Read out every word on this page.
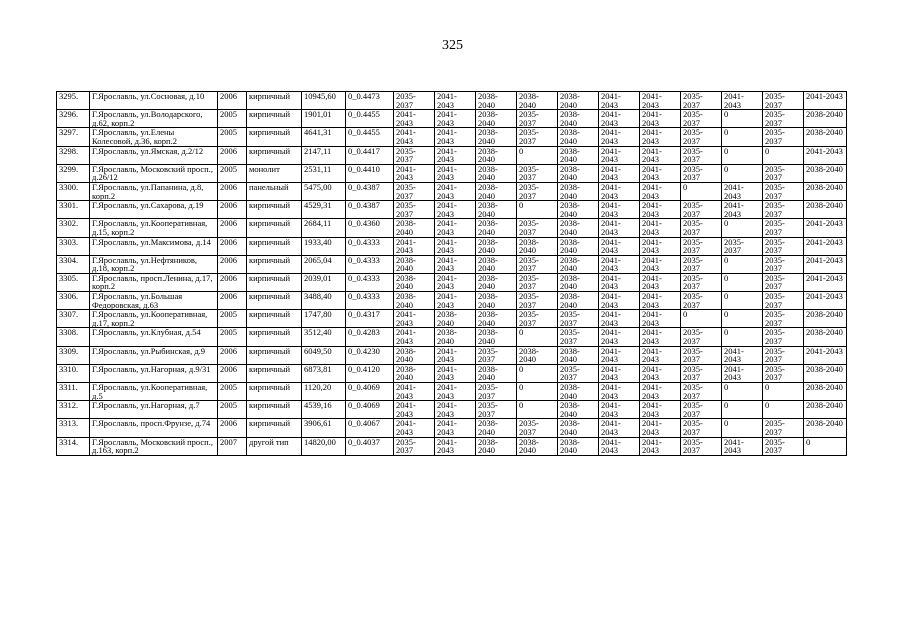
325
3295.	Г.Ярославль, ул.Сосновая, д.10	2006	кирпичный	10945,60	0_0.4473	2035-2037	2041-2043	2038-2040	2038-2040	2038-2040	2041-2043	2041-2043	2035-2037	2041-2043	2035-2037	2041-2043
3296.	Г.Ярославль, ул.Володарского, д.62, корп.2	2005	кирпичный	1901,01	0_0.4455	2041-2043	2041-2043	2038-2040	2035-2037	2038-2040	2041-2043	2041-2043	2035-2037	0	2035-2037	2038-2040
3297.	Г.Ярославль, ул.Елены Колесовой, д.36, корп.2	2005	кирпичный	4641,31	0_0.4455	2041-2043	2041-2043	2038-2040	2035-2037	2038-2040	2041-2043	2041-2043	2035-2037	0	2035-2037	2038-2040
3298.	Г.Ярославль, ул.Ямская, д.2/12	2006	кирпичный	2147,11	0_0.4417	2035-2037	2041-2043	2038-2040	0	2038-2040	2041-2043	2041-2043	2035-2037	0	0	2041-2043
3299.	Г.Ярославль, Московский просп., д.26/12	2005	монолит	2531,11	0_0.4410	2041-2043	2041-2043	2038-2040	2035-2037	2038-2040	2041-2043	2041-2043	2035-2037	0	2035-2037	2038-2040
3300.	Г.Ярославль, ул.Папанина, д.8, корп.2	2006	панельный	5475,00	0_0.4387	2035-2037	2041-2043	2038-2040	2035-2037	2038-2040	2041-2043	2041-2043	0	2041-2043	2035-2037	2038-2040
3301.	Г.Ярославль, ул.Сахарова, д.19	2006	кирпичный	4529,31	0_0.4387	2035-2037	2041-2043	2038-2040	0	2038-2040	2041-2043	2041-2043	2035-2037	2041-2043	2035-2037	2038-2040
3302.	Г.Ярославль, ул.Кооперативная, д.15, корп.2	2006	кирпичный	2684,11	0_0.4360	2038-2040	2041-2043	2038-2040	2035-2037	2038-2040	2041-2043	2041-2043	2035-2037	0	2035-2037	2041-2043
3303.	Г.Ярославль, ул.Максимова, д.14	2006	кирпичный	1933,40	0_0.4333	2041-2043	2041-2043	2038-2040	2038-2040	2038-2040	2041-2043	2041-2043	2035-2037	2035-2037	2035-2037	2041-2043
3304.	Г.Ярославль, ул.Нефтяников, д.18, корп.2	2006	кирпичный	2065,04	0_0.4333	2038-2040	2041-2043	2038-2040	2035-2037	2038-2040	2041-2043	2041-2043	2035-2037	0	2035-2037	2041-2043
3305.	Г.Ярославль, просп.Ленина, д.17, корп.2	2006	кирпичный	2039,01	0_0.4333	2038-2040	2041-2043	2038-2040	2035-2037	2038-2040	2041-2043	2041-2043	2035-2037	0	2035-2037	2041-2043
3306.	Г.Ярославль, ул.Большая Федоровская, д.63	2006	кирпичный	3488,40	0_0.4333	2038-2040	2041-2043	2038-2040	2035-2037	2038-2040	2041-2043	2041-2043	2035-2037	0	2035-2037	2041-2043
3307.	Г.Ярославль, ул.Кооперативная, д.17, корп.2	2005	кирпичный	1747,80	0_0.4317	2041-2043	2038-2040	2038-2040	2035-2037	2035-2037	2041-2043	2041-2043	0	0	2035-2037	2038-2040
3308.	Г.Ярославль, ул.Клубная, д.54	2005	кирпичный	3512,40	0_0.4283	2041-2043	2038-2040	2038-2040	0	2035-2037	2041-2043	2041-2043	2035-2037	0	2035-2037	2038-2040
3309.	Г.Ярославль, ул.Рыбинская, д.9	2006	кирпичный	6049,50	0_0.4230	2038-2040	2041-2043	2035-2037	2038-2040	2038-2040	2041-2043	2041-2043	2035-2037	2041-2043	2035-2037	2041-2043
3310.	Г.Ярославль, ул.Нагорная, д.9/31	2006	кирпичный	6873,81	0_0.4120	2038-2040	2041-2043	2038-2040	0	2035-2037	2041-2043	2041-2043	2035-2037	2041-2043	2035-2037	2038-2040
3311.	Г.Ярославль, ул.Кооперативная, д.5	2005	кирпичный	1120,20	0_0.4069	2041-2043	2041-2043	2035-2037	0	2038-2040	2041-2043	2041-2043	2035-2037	0	0	2038-2040
3312.	Г.Ярославль, ул.Нагорная, д.7	2005	кирпичный	4539,16	0_0.4069	2041-2043	2041-2043	2035-2037	0	2038-2040	2041-2043	2041-2043	2035-2037	0	0	2038-2040
3313.	Г.Ярославль, просп.Фрунзе, д.74	2006	кирпичный	3906,61	0_0.4067	2041-2043	2041-2043	2038-2040	2035-2037	2038-2040	2041-2043	2041-2043	2035-2037	0	2035-2037	2038-2040
3314.	Г.Ярославль, Московский просп., д.163, корп.2	2007	другой тип	14820,00	0_0.4037	2035-2037	2041-2043	2038-2040	2038-2040	2038-2040	2041-2043	2041-2043	2035-2037	2041-2043	2035-2037	0
